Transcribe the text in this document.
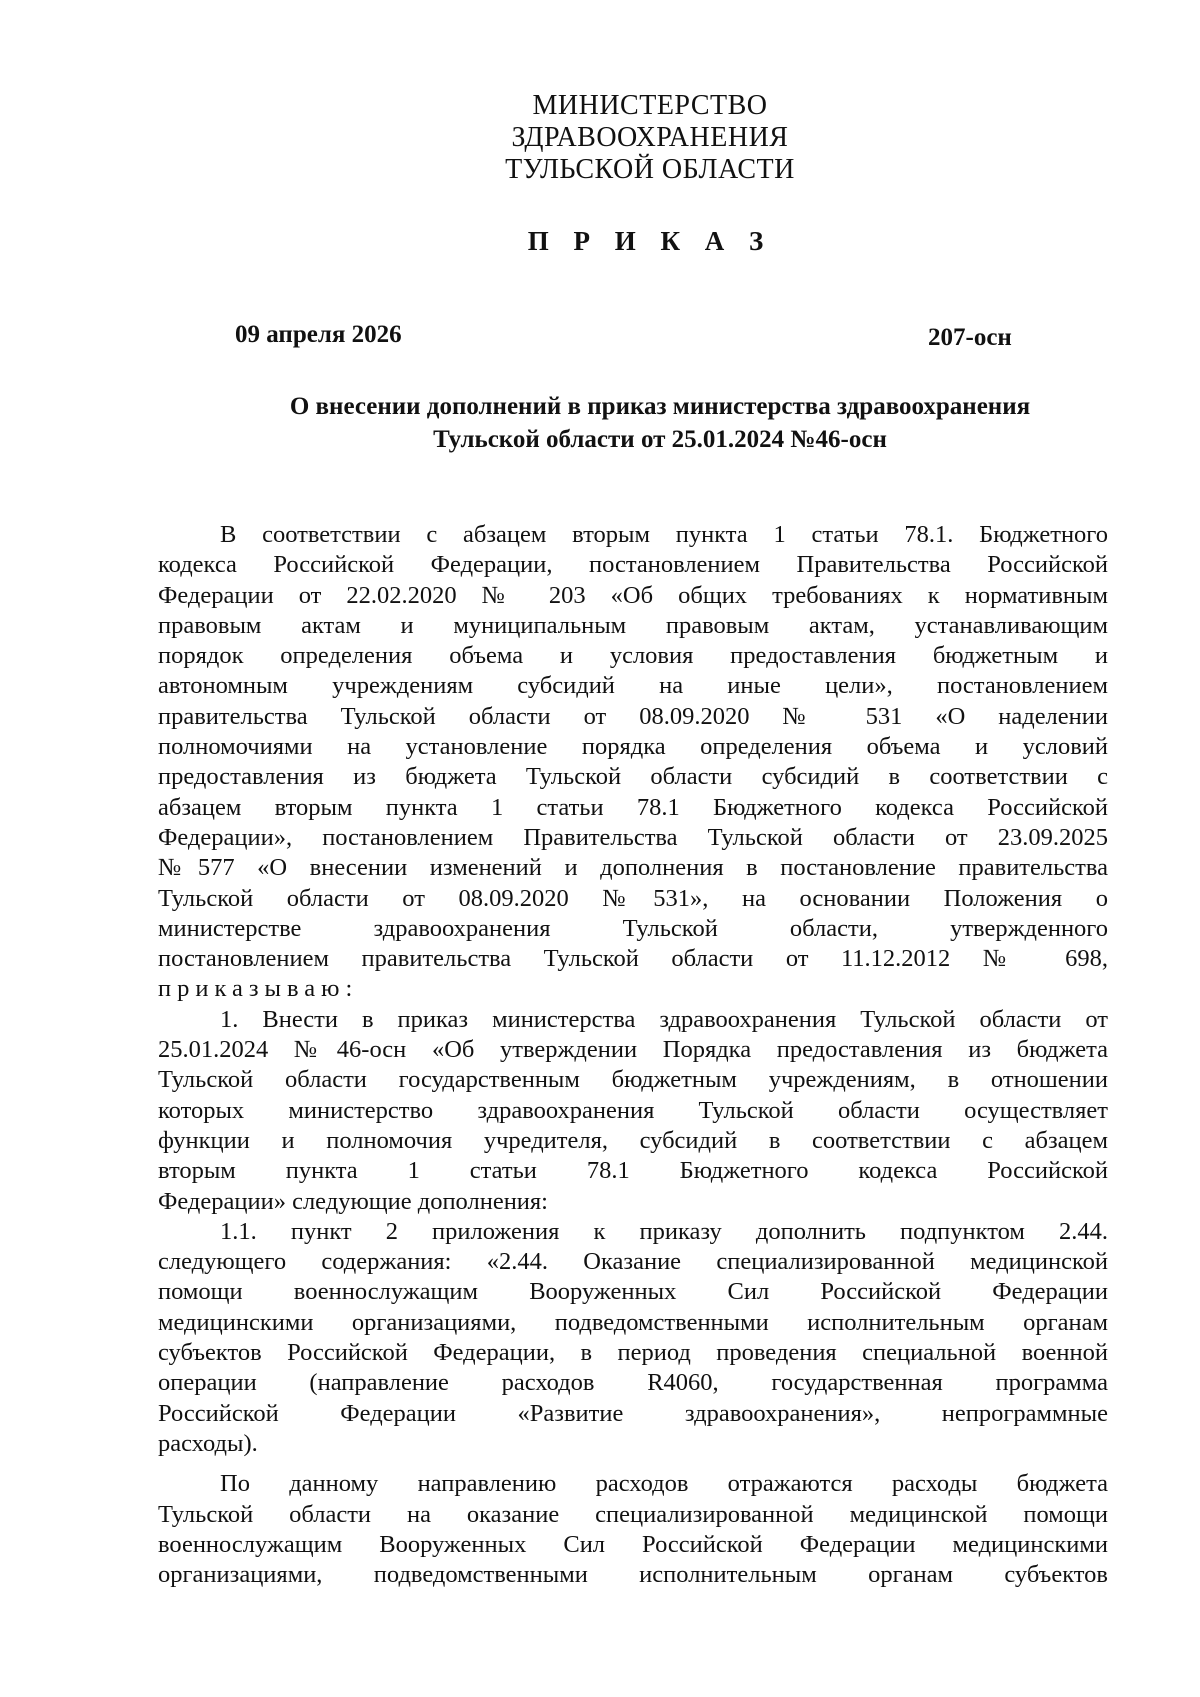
МИНИСТЕРСТВО
ЗДРАВООХРАНЕНИЯ
ТУЛЬСКОЙ ОБЛАСТИ
П Р И К А З
09 апреля 2026	207-осн
О внесении дополнений в приказ министерства здравоохранения
Тульской области от 25.01.2024 №46-осн
В соответствии с абзацем вторым пункта 1 статьи 78.1. Бюджетного
кодекса Российской Федерации, постановлением Правительства Российской
Федерации от 22.02.2020 № 203 «Об общих требованиях к нормативным
правовым актам и муниципальным правовым актам, устанавливающим
порядок определения объема и условия предоставления бюджетным и
автономным учреждениям субсидий на иные цели», постановлением
правительства Тульской области от 08.09.2020 № 531 «О наделении
полномочиями на установление порядка определения объема и условий
предоставления из бюджета Тульской области субсидий в соответствии с
абзацем вторым пункта 1 статьи 78.1 Бюджетного кодекса Российской
Федерации», постановлением Правительства Тульской области от 23.09.2025
№577 «О внесении изменений и дополнения в постановление правительства
Тульской области от 08.09.2020 №531», на основании Положения о
министерстве здравоохранения Тульской области, утвержденного
постановлением правительства Тульской области от 11.12.2012 № 698,
приказываю:
1. Внести в приказ министерства здравоохранения Тульской области от
25.01.2024 №46-осн «Об утверждении Порядка предоставления из бюджета
Тульской области государственным бюджетным учреждениям, в отношении
которых министерство здравоохранения Тульской области осуществляет
функции и полномочия учредителя, субсидий в соответствии с абзацем
вторым пункта 1 статьи 78.1 Бюджетного кодекса Российской
Федерации» следующие дополнения:
1.1. пункт 2 приложения к приказу дополнить подпунктом 2.44.
следующего содержания: «2.44. Оказание специализированной медицинской
помощи военнослужащим Вооруженных Сил Российской Федерации
медицинскими организациями, подведомственными исполнительным органам
субъектов Российской Федерации, в период проведения специальной военной
операции (направление расходов R4060, государственная программа
Российской Федерации «Развитие здравоохранения», непрограммные
расходы).
По данному направлению расходов отражаются расходы бюджета
Тульской области на оказание специализированной медицинской помощи
военнослужащим Вооруженных Сил Российской Федерации медицинскими
организациями, подведомственными исполнительным органам субъектов
